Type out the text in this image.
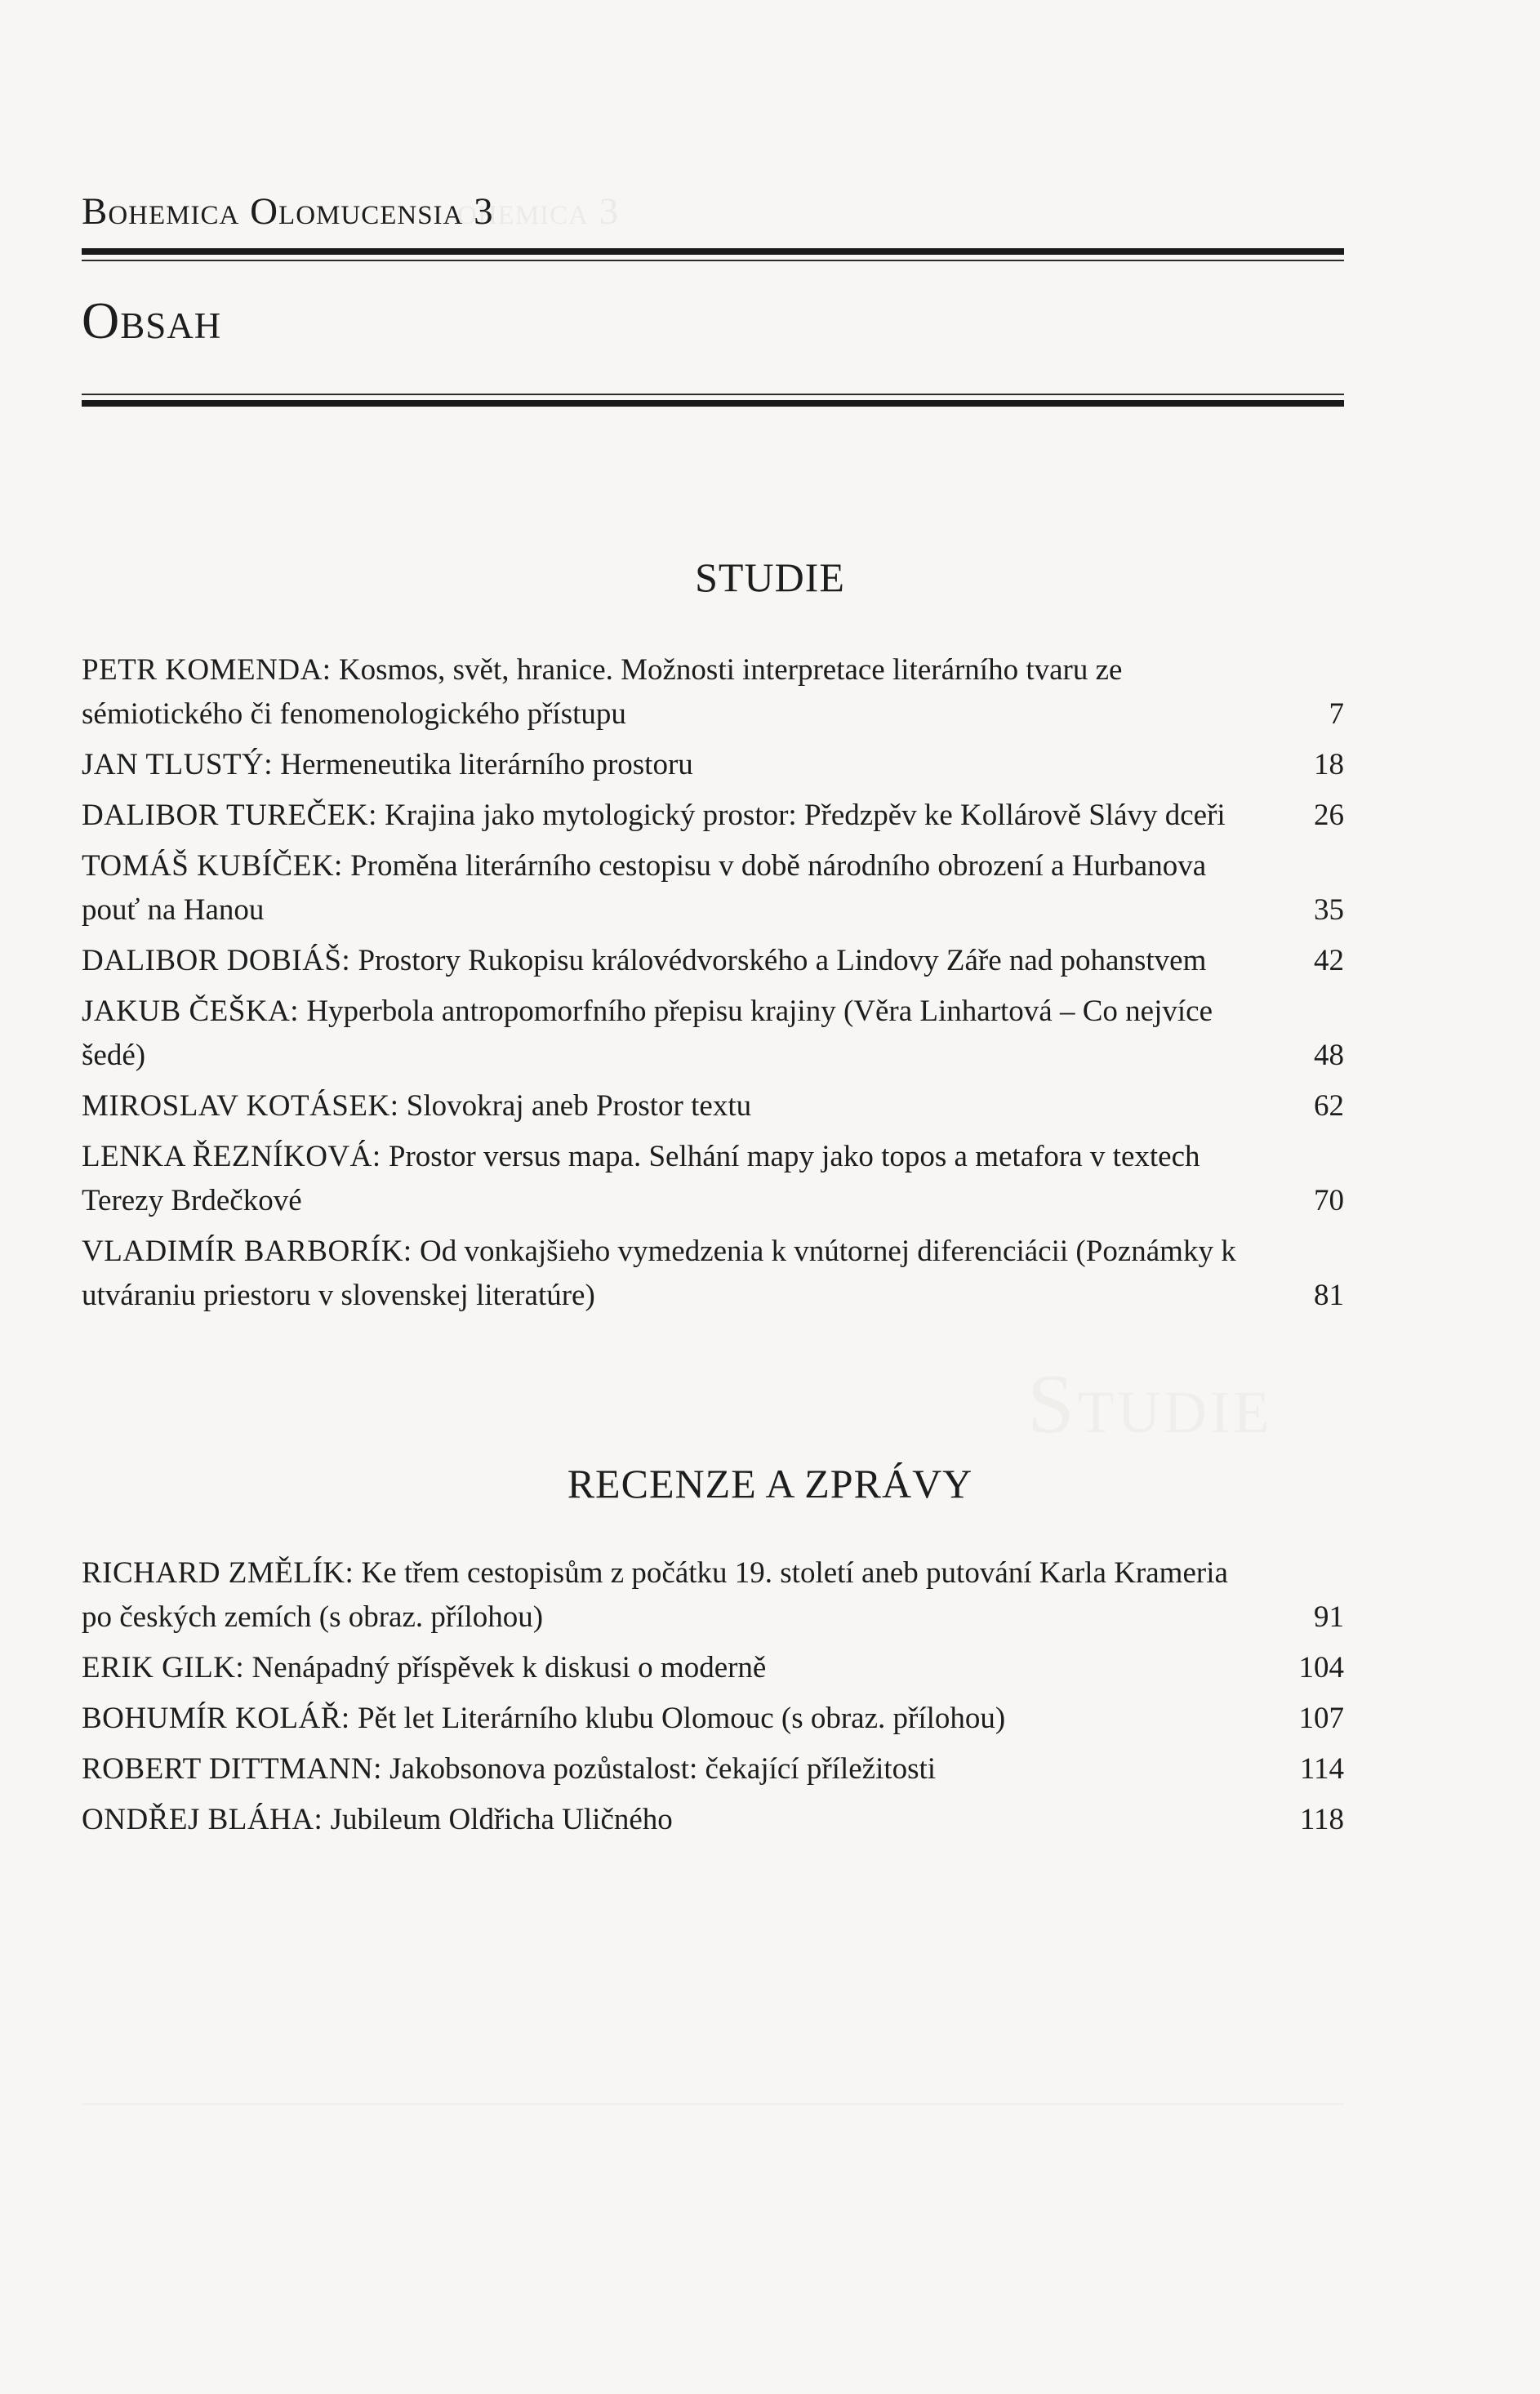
ohemica 3
Bohemica Olomucensia 3
Obsah
STUDIE
PETR KOMENDA: Kosmos, svět, hranice. Možnosti interpretace literárního tvaru ze sémiotického či fenomenologického přístupu	7
JAN TLUSTÝ: Hermeneutika literárního prostoru	18
DALIBOR TUREČEK: Krajina jako mytologický prostor: Předzpěv ke Kollárově Slávy dceři	26
TOMÁŠ KUBÍČEK: Proměna literárního cestopisu v době národního obrození a Hurbanova pouť na Hanou	35
DALIBOR DOBIÁŠ: Prostory Rukopisu královédvorského a Lindovy Záře nad pohanstvem	42
JAKUB ČEŠKA: Hyperbola antropomorfního přepisu krajiny (Věra Linhartová – Co nejvíce šedé)	48
MIROSLAV KOTÁSEK: Slovokraj aneb Prostor textu	62
LENKA ŘEZNÍKOVÁ: Prostor versus mapa. Selhání mapy jako topos a metafora v textech Terezy Brdečkové	70
VLADIMÍR BARBORÍK: Od vonkajšieho vymedzenia k vnútornej diferenciácii (Poznámky k utváraniu priestoru v slovenskej literatúre)	81
Studie
RECENZE A ZPRÁVY
RICHARD ZMĚLÍK: Ke třem cestopisům z počátku 19. století aneb putování Karla Krameria po českých zemích (s obraz. přílohou)	91
ERIK GILK: Nenápadný příspěvek k diskusi o moderně	104
BOHUMÍR KOLÁŘ: Pět let Literárního klubu Olomouc (s obraz. přílohou)	107
ROBERT DITTMANN: Jakobsonova pozůstalost: čekající příležitosti	114
ONDŘEJ BLÁHA: Jubileum Oldřicha Uličného	118
